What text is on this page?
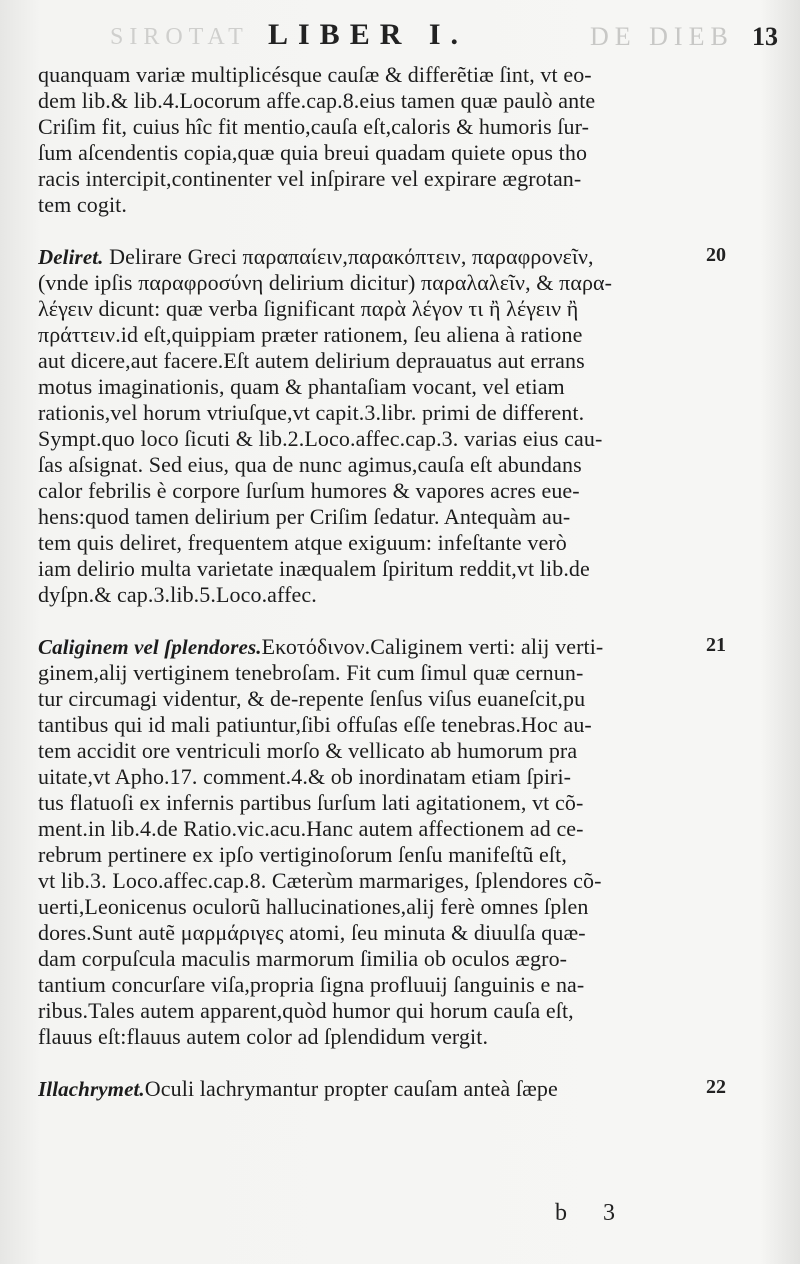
SIROTAT LIBER I.	DE DIEB 13
quanquam variæ multiplicésque cauſæ & differẽtiæ ſint, vt eo-
dem lib.& lib.4.Locorum affe.cap.8.eius tamen quæ paulò ante
Criſim fit, cuius hîc fit mentio,cauſa eſt,caloris & humoris ſur-
ſum aſcendentis copia,quæ quia breui quadam quiete opus tho
racis intercipit,continenter vel inſpirare vel expirare ægrotan-
tem cogit.
Deliret. Delirare Greci παραπαίειν,παρακόπτειν, παραφρονεῖν,
(vnde ipſis παραφροσύνη delirium dicitur) παραλαλεῖν, & παρα-
λέγειν dicunt: quæ verba ſignificant παρὰ λέγον τι ἢ λέγειν ἢ
πράττειν.id eſt,quippiam præter rationem, ſeu aliena à ratione
aut dicere,aut facere.Eſt autem delirium deprauatus aut errans
motus imaginationis, quam & phantaſiam vocant, vel etiam
rationis,vel horum vtriuſque,vt capit.3.libr. primi de different.
Sympt.quo loco ſicuti & lib.2.Loco.affec.cap.3. varias eius cau-
ſas aſsignat. Sed eius, qua de nunc agimus,cauſa eſt abundans
calor febrilis è corpore ſurſum humores & vapores acres eue-
hens:quod tamen delirium per Criſim ſedatur. Antequàm au-
tem quis deliret, frequentem atque exiguum: infeſtante verò
iam delirio multa varietate inæqualem ſpiritum reddit,vt lib.de
dyſpn.& cap.3.lib.5.Loco.affec.
Caliginem vel ſplendores.Εκοτόδινον.Caliginem verti: alij verti-
ginem,alij vertiginem tenebroſam. Fit cum ſimul quæ cernun-
tur circumagi videntur, & de-repente ſenſus viſus euaneſcit,pu
tantibus qui id mali patiuntur,ſibi offuſas eſſe tenebras.Hoc au-
tem accidit ore ventriculi morſo & vellicato ab humorum pra
uitate,vt Apho.17. comment.4.& ob inordinatam etiam ſpiri-
tus flatuoſi ex infernis partibus ſurſum lati agitationem, vt cõ-
ment.in lib.4.de Ratio.vic.acu.Hanc autem affectionem ad ce-
rebrum pertinere ex ipſo vertiginoſorum ſenſu manifeſtũ eſt,
vt lib.3. Loco.affec.cap.8. Cæterùm marmariges, ſplendores cõ-
uerti,Leonicenus oculorũ hallucinationes,alij ferè omnes ſplen
dores.Sunt autẽ μαρμάριγες atomi, ſeu minuta & diuulſa quæ-
dam corpuſcula maculis marmorum ſimilia ob oculos ægro-
tantium concurſare viſa,propria ſigna profluuij ſanguinis e na-
ribus.Tales autem apparent,quòd humor qui horum cauſa eſt,
flauus eſt:flauus autem color ad ſplendidum vergit.
Illachrymet.Oculi lachrymantur propter cauſam anteà ſæpe
20
21
22
b 3
